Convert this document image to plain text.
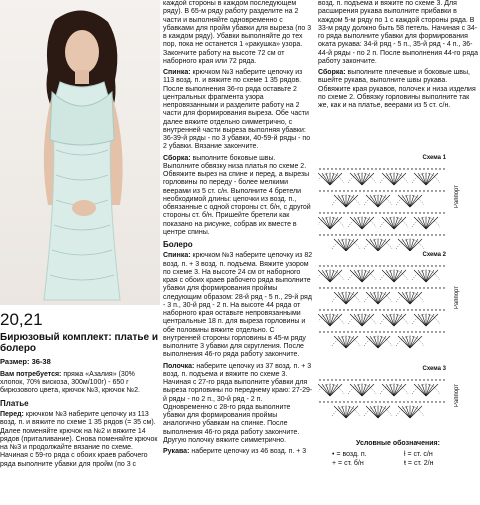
20,21
Бирюзовый комплект: платье и болеро
Размер: 36-38

Вам потребуется: пряжа «Азалия» (30% хлопок, 70% вискоза, 300м/100г) - 650 г бирюзового цвета, крючок №3, крючок №2.

Платье

Перед: крючком №3 наберите цепочку из 113 возд. п. и вяжите по схеме 1 35 рядов (= 35 см). Далее поменяйте крючок на №2 и вяжите 14 рядов (приталивание). Снова поменяйте крючок на №3 и продолжайте вязание по схеме. Начиная с 59-го ряда с обоих краев рабочего ряда выполните убавки для пройм (по 3 с

каждой стороны в каждом последующем ряду). В 65-м ряду работу разделите на 2 части и выполняйте одновременно с убавками для пройм убавки для выреза (по 3 в каждом ряду). Убавки выполняйте до тех пор, пока не останется 1 «ракушка» узора. Закончите работу на высоте 72 см от наборного края или 72 ряда.

Спинка: крючком №3 наберите цепочку из 113 возд. п. и вяжите по схеме 1 35 рядов. После выполнения 36-го ряда оставьте 2 центральных фрагмента узора непровязанными и разделите работу на 2 части для формирования выреза. Обе части далее вяжите отдельно симметрично, с внутренней части выреза выполняя убавки: 36-39-й ряды - по 3 убавки, 40-59-й ряды - по 2 убавки. Вязание закончите.

Сборка: выполните боковые швы. Выполните обвязку низа платья по схеме 2. Обвяжите вырез на спине и перед, а вырезы горловины по переду - более мелкими веерами из 5 ст. с/н. Выполните 4 бретели необходимой длины: цепочки из возд. п., обвязанные с одной стороны ст. б/н, с другой стороны ст. б/н. Пришейте бретели как показано на рисунке, собрав их вместе в центре спины.

Болеро

Спинка: крючком №3 наберите цепочку из 82 возд. п. + 3 возд. п. подъема. Вяжите узором по схеме 3. На высоте 24 см от наборного края с обоих краев рабочего ряда выполните убавки для формирования проймы следующим образом: 28-й ряд - 5 п., 29-й ряд - 3 п., 30-й ряд - 2 п. На высоте 44 ряда от наборного края оставьте непровязанными центральные 18 п. для выреза горловины и обе половины вяжите отдельно. С внутренней стороны горловины в 45-м ряду выполните 3 убавки для скругления. После выполнения 46-го ряда работу закончите.

Полочка: наберите цепочку из 37 возд. п. + 3 возд. п. подъема и вяжите по схеме 3. Начиная с 27-го ряда выполните убавки для выреза горловины по переднему краю: 27-29-й ряды - по 2 п., 30-й ряд - 2 п. Одновременно с 28-го ряда выполните убавки для формирования проймы аналогично убавкам на спинке. После выполнения 46-го ряда работу закончите. Другую полочку вяжите симметрично.

Рукава: наберите цепочку из 46 возд. п. + 3

возд. п. подъема и вяжите по схеме 3. Для расширения рукава выполните прибавки в каждом 5-м ряду по 1 с каждой стороны ряда. В 33-м ряду должно быть 58 петель. Начиная с 34-го ряда выполните убавки для формирования оката рукава: 34-й ряд - 5 п., 35-й ряд - 4 п., 36-44-й ряды - по 2 п. После выполнения 44-го ряда работу закончите.

Сборка: выполните плечевые и боковые швы, вшейте рукава, выполните швы рукава. Обвяжите края рукавов, полочек и низа изделия по схеме 2. Обвязку горловины выполните так же, как и на платье, веерами из 5 ст. с/н.

Схема 1
Раппорт
Схема 2
Раппорт
Схема 3
Раппорт
Условные обозначения:
• = возд. п.	ƚ = ст. с/н
+ = ст. б/н	ŧ = ст. 2/н
